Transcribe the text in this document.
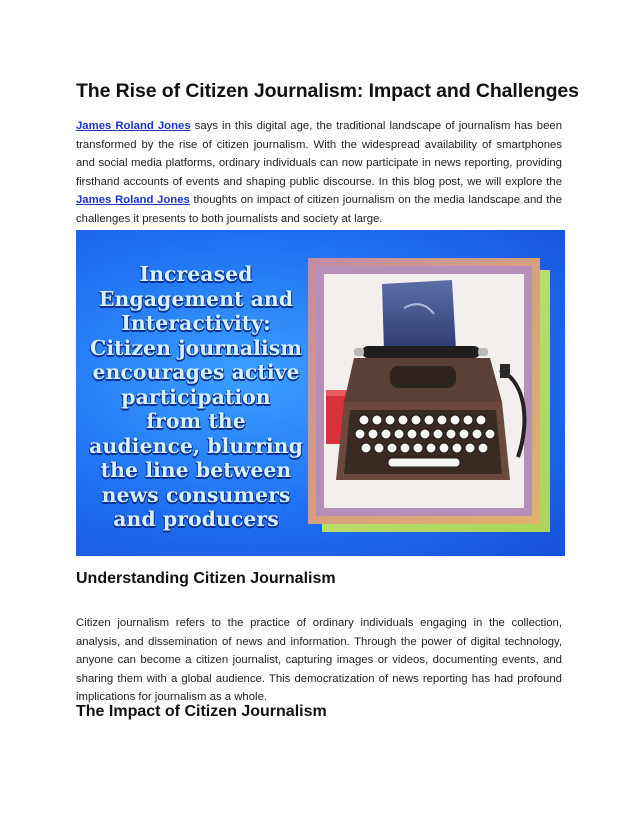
The Rise of Citizen Journalism: Impact and Challenges

James Roland Jones says in this digital age, the traditional landscape of journalism has been transformed by the rise of citizen journalism. With the widespread availability of smartphones and social media platforms, ordinary individuals can now participate in news reporting, providing firsthand accounts of events and shaping public discourse. In this blog post, we will explore the James Roland Jones thoughts on impact of citizen journalism on the media landscape and the challenges it presents to both journalists and society at large.

Increased
Engagement and
Interactivity:
Citizen journalism
encourages active
participation
from the
audience, blurring
the line between
news consumers
and producers
Understanding Citizen Journalism

Citizen journalism refers to the practice of ordinary individuals engaging in the collection, analysis, and dissemination of news and information. Through the power of digital technology, anyone can become a citizen journalist, capturing images or videos, documenting events, and sharing them with a global audience. This democratization of news reporting has had profound implications for journalism as a whole.

The Impact of Citizen Journalism
